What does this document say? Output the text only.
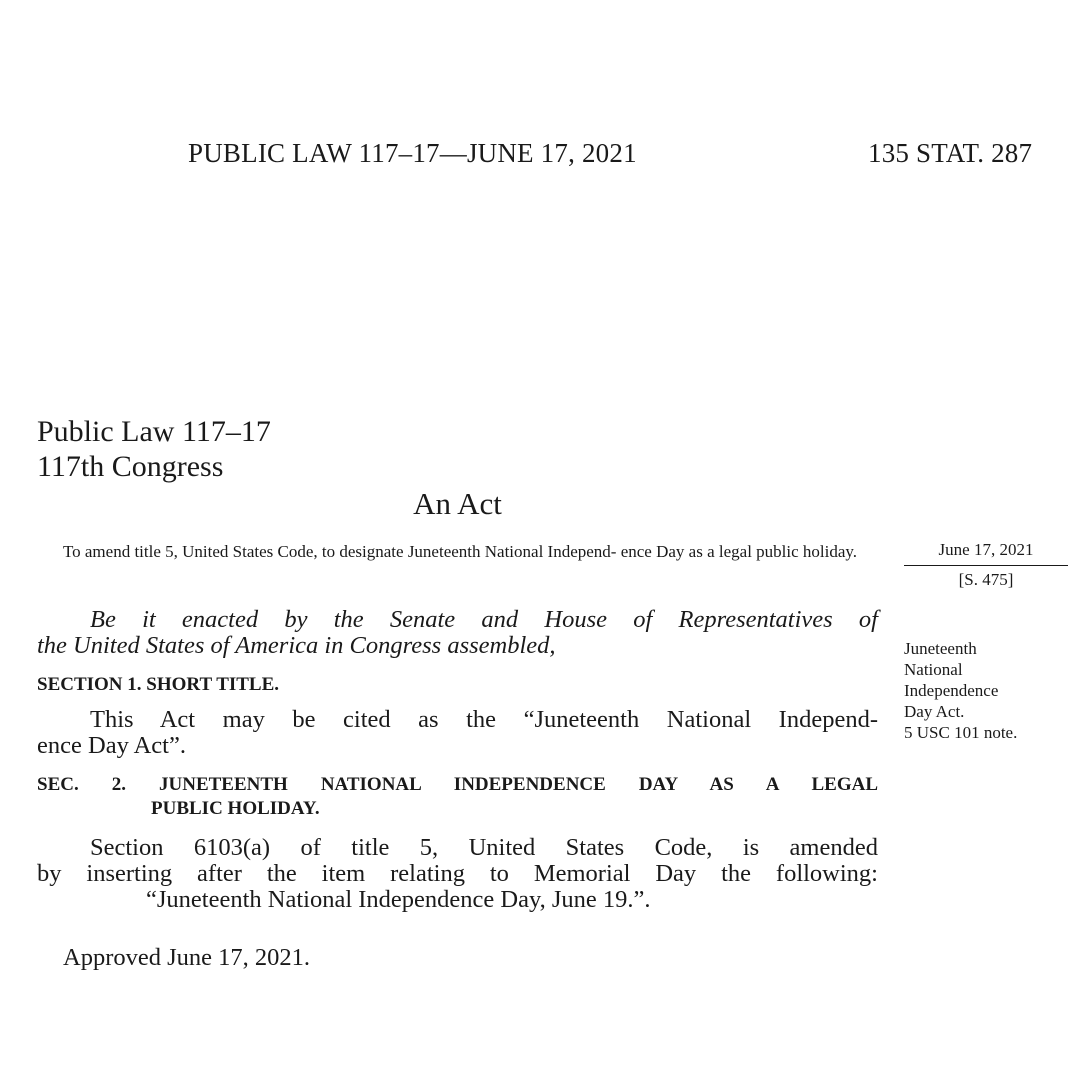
PUBLIC LAW 117–17—JUNE 17, 2021	135 STAT. 287
Public Law 117–17
117th Congress
An Act
To amend title 5, United States Code, to designate Juneteenth National Independ- ence Day as a legal public holiday.	June 17, 2021
[S. 475]
Be it enacted by the Senate and House of Representatives of
the United States of America in Congress assembled,
SECTION 1. SHORT TITLE.
This Act may be cited as the “Juneteenth National Independ-
ence Day Act”.
SEC. 2. JUNETEENTH NATIONAL INDEPENDENCE DAY AS A LEGAL
PUBLIC HOLIDAY.
Section 6103(a) of title 5, United States Code, is amended
by inserting after the item relating to Memorial Day the following:
“Juneteenth National Independence Day, June 19.”.
Approved June 17, 2021.
Juneteenth
National
Independence
Day Act.
5 USC 101 note.
